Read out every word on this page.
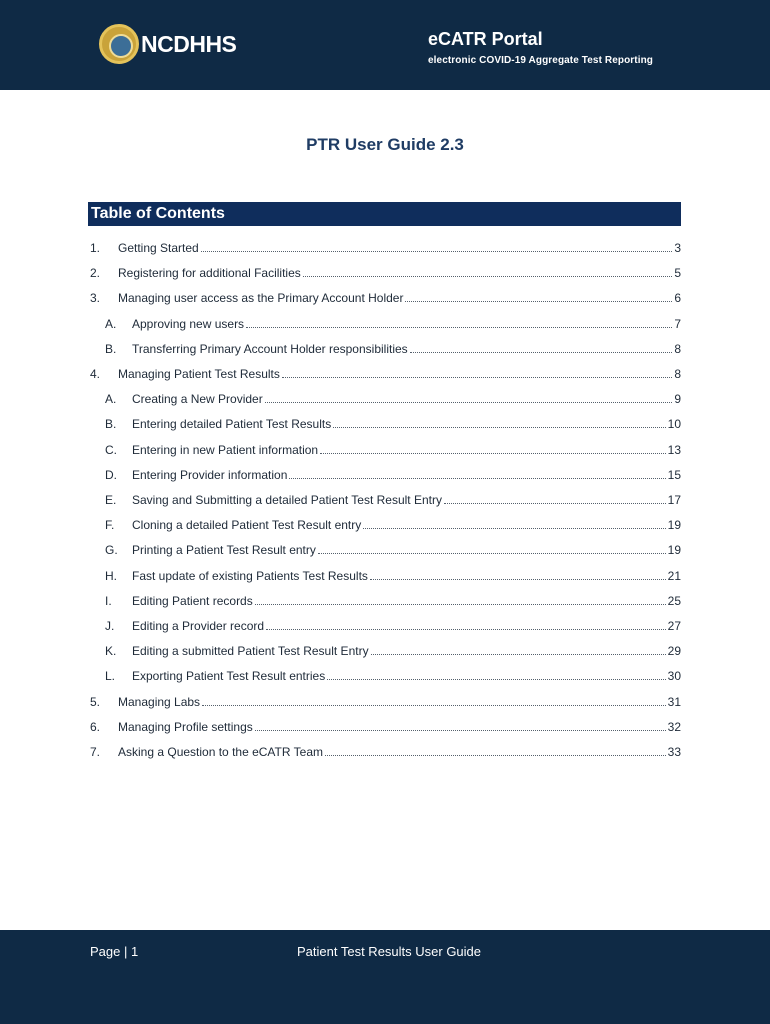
NCDHHS	eCATR Portal
electronic COVID-19 Aggregate Test Reporting
PTR User Guide 2.3
Table of Contents
1.	Getting Started	3
2.	Registering for additional Facilities	5
3.	Managing user access as the Primary Account Holder	6
A.	Approving new users	7
B.	Transferring Primary Account Holder responsibilities	8
4.	Managing Patient Test Results	8
A.	Creating a New Provider	9
B.	Entering detailed Patient Test Results	10
C.	Entering in new Patient information	13
D.	Entering Provider information	15
E.	Saving and Submitting a detailed Patient Test Result Entry	17
F.	Cloning a detailed Patient Test Result entry	19
G.	Printing a Patient Test Result entry	19
H.	Fast update of existing Patients Test Results	21
I.	Editing Patient records	25
J.	Editing a Provider record	27
K.	Editing a submitted Patient Test Result Entry	29
L.	Exporting Patient Test Result entries	30
5.	Managing Labs	31
6.	Managing Profile settings	32
7.	Asking a Question to the eCATR Team	33
Page | 1	Patient Test Results User Guide
